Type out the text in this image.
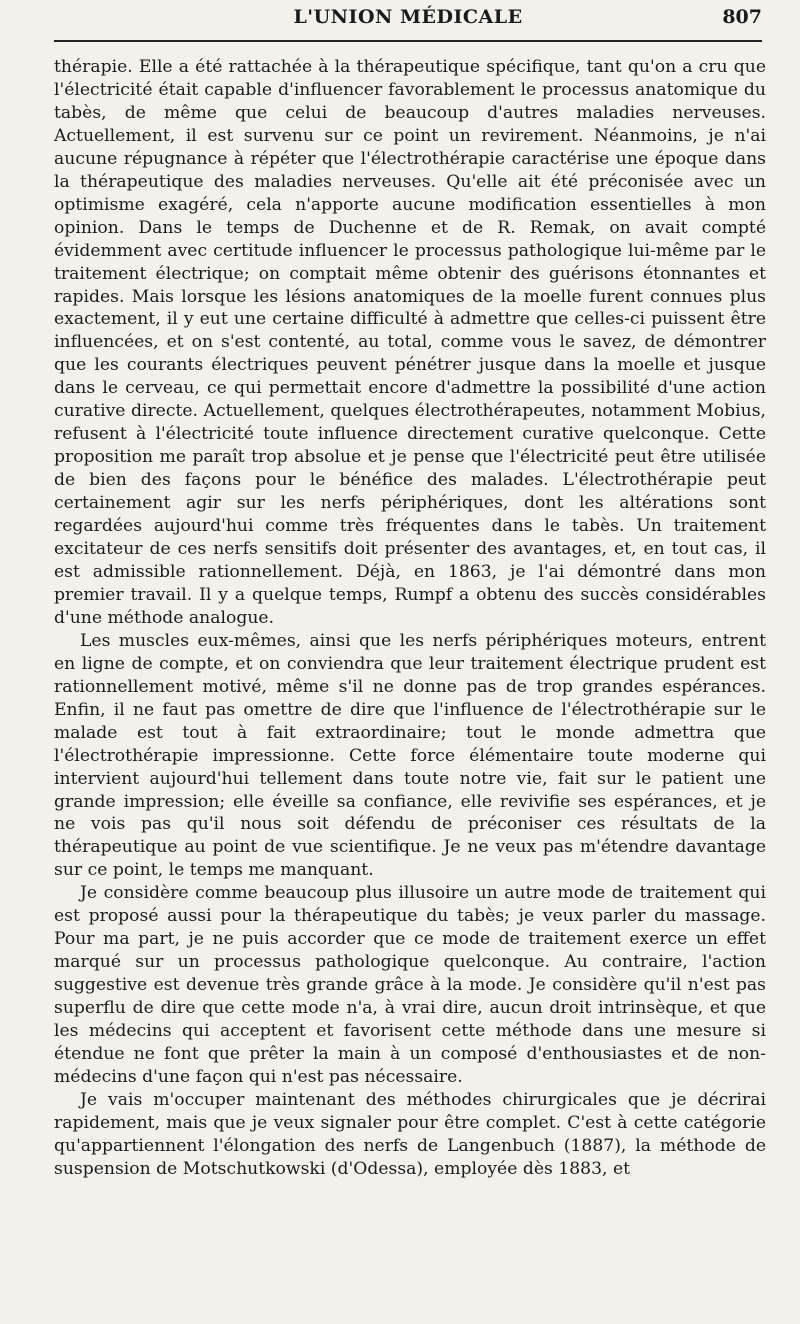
L'UNION MÉDICALE	807

thérapie. Elle a été rattachée à la thérapeutique spécifique, tant qu'on a cru que l'électricité était capable d'influencer favorablement le processus anatomique du tabès, de même que celui de beaucoup d'autres maladies nerveuses. Actuellement, il est survenu sur ce point un revirement. Néanmoins, je n'ai aucune répugnance à répéter que l'électrothérapie caractérise une époque dans la thérapeutique des maladies nerveuses. Qu'elle ait été préconisée avec un optimisme exagéré, cela n'apporte aucune modification essentielles à mon opinion. Dans le temps de Duchenne et de R. Remak, on avait compté évidemment avec certitude influencer le processus pathologique lui-même par le traitement électrique; on comptait même obtenir des guérisons étonnantes et rapides. Mais lorsque les lésions anatomiques de la moelle furent connues plus exactement, il y eut une certaine difficulté à admettre que celles-ci puissent être influencées, et on s'est contenté, au total, comme vous le savez, de démontrer que les courants électriques peuvent pénétrer jusque dans la moelle et jusque dans le cerveau, ce qui permettait encore d'admettre la possibilité d'une action curative directe. Actuellement, quelques électrothérapeutes, notamment Mobius, refusent à l'électricité toute influence directement curative quelconque. Cette proposition me paraît trop absolue et je pense que l'électricité peut être utilisée de bien des façons pour le bénéfice des malades. L'électrothérapie peut certainement agir sur les nerfs périphériques, dont les altérations sont regardées aujourd'hui comme très fréquentes dans le tabès. Un traitement excitateur de ces nerfs sensitifs doit présenter des avantages, et, en tout cas, il est admissible rationnellement. Déjà, en 1863, je l'ai démontré dans mon premier travail. Il y a quelque temps, Rumpf a obtenu des succès considérables d'une méthode analogue.

Les muscles eux-mêmes, ainsi que les nerfs périphériques moteurs, entrent en ligne de compte, et on conviendra que leur traitement électrique prudent est rationnellement motivé, même s'il ne donne pas de trop grandes espérances. Enfin, il ne faut pas omettre de dire que l'influence de l'électrothérapie sur le malade est tout à fait extraordinaire; tout le monde admettra que l'électrothérapie impressionne. Cette force élémentaire toute moderne qui intervient aujourd'hui tellement dans toute notre vie, fait sur le patient une grande impression; elle éveille sa confiance, elle revivifie ses espérances, et je ne vois pas qu'il nous soit défendu de préconiser ces résultats de la thérapeutique au point de vue scientifique. Je ne veux pas m'étendre davantage sur ce point, le temps me manquant.

Je considère comme beaucoup plus illusoire un autre mode de traitement qui est proposé aussi pour la thérapeutique du tabès; je veux parler du massage. Pour ma part, je ne puis accorder que ce mode de traitement exerce un effet marqué sur un processus pathologique quelconque. Au contraire, l'action suggestive est devenue très grande grâce à la mode. Je considère qu'il n'est pas superflu de dire que cette mode n'a, à vrai dire, aucun droit intrinsèque, et que les médecins qui acceptent et favorisent cette méthode dans une mesure si étendue ne font que prêter la main à un composé d'enthousiastes et de non-médecins d'une façon qui n'est pas nécessaire.

Je vais m'occuper maintenant des méthodes chirurgicales que je décrirai rapidement, mais que je veux signaler pour être complet. C'est à cette catégorie qu'appartiennent l'élongation des nerfs de Langenbuch (1887), la méthode de suspension de Motschutkowski (d'Odessa), employée dès 1883, et
